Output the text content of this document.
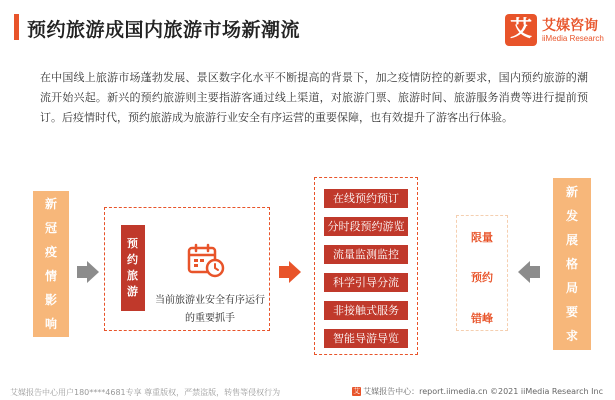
预约旅游成国内旅游市场新潮流	艾 艾媒咨询
iiMedia Research
在中国线上旅游市场蓬勃发展、景区数字化水平不断提高的背景下，加之疫情防控的新要求，国内预约旅游的潮流开始兴起。新兴的预约旅游则主要指游客通过线上渠道，对旅游门票、旅游时间、旅游服务消费等进行提前预订。后疫情时代，预约旅游成为旅游行业安全有序运营的重要保障，也有效提升了游客出行体验。
新冠疫情影响
预约旅游
当前旅游业安全有序运行的重要抓手
在线预约预订
分时段预约游览
流量监测监控
科学引导分流
非接触式服务
智能导游导览
限量
预约
错峰
新发展格局要求
艾媒报告中心用户180****4681专享 尊重版权，严禁盗版，转售等侵权行为	艾 艾媒报告中心：report.iimedia.cn ©2021 iiMedia Research Inc
